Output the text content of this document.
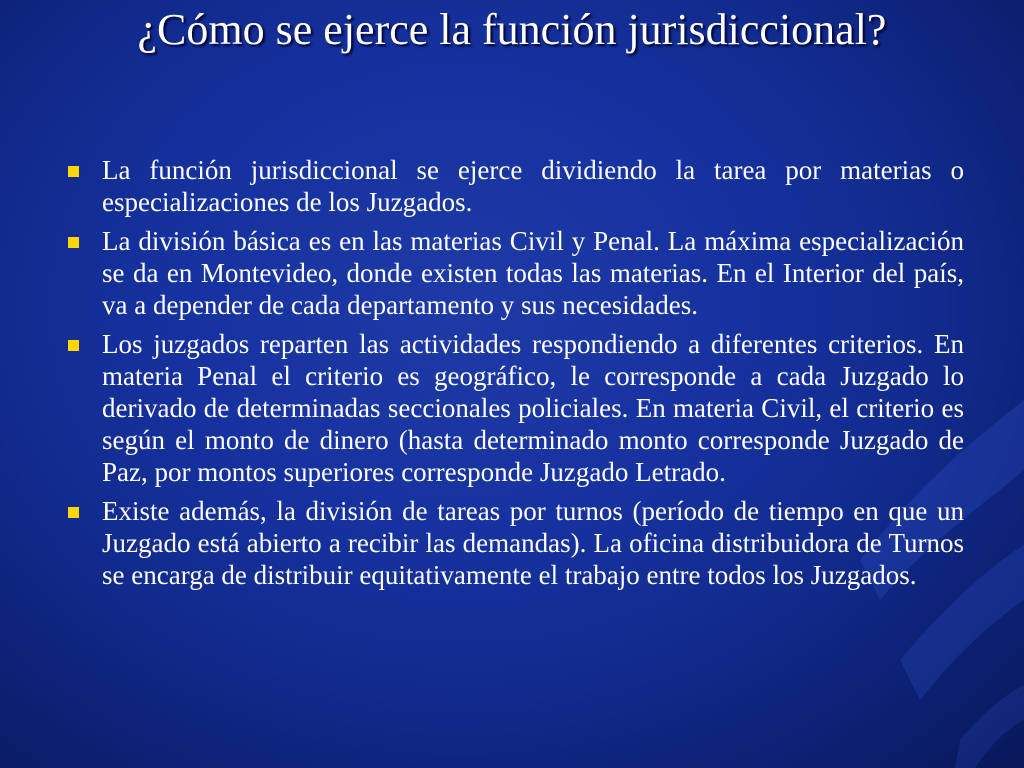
¿Cómo se ejerce la función jurisdiccional?
La función jurisdiccional se ejerce dividiendo la tarea por materias o especializaciones de los Juzgados.
La división básica es en las materias Civil y Penal. La máxima especialización se da en Montevideo, donde existen todas las materias. En el Interior del país, va a depender de cada departamento y sus necesidades.
Los juzgados reparten las actividades respondiendo a diferentes criterios. En materia Penal el criterio es geográfico, le corresponde a cada Juzgado lo derivado de determinadas seccionales policiales. En materia Civil, el criterio es según el monto de dinero (hasta determinado monto corresponde Juzgado de Paz, por montos superiores corresponde Juzgado Letrado.
Existe además, la división de tareas por turnos (período de tiempo en que un Juzgado está abierto a recibir las demandas). La oficina distribuidora de Turnos se encarga de distribuir equitativamente el trabajo entre todos los Juzgados.
